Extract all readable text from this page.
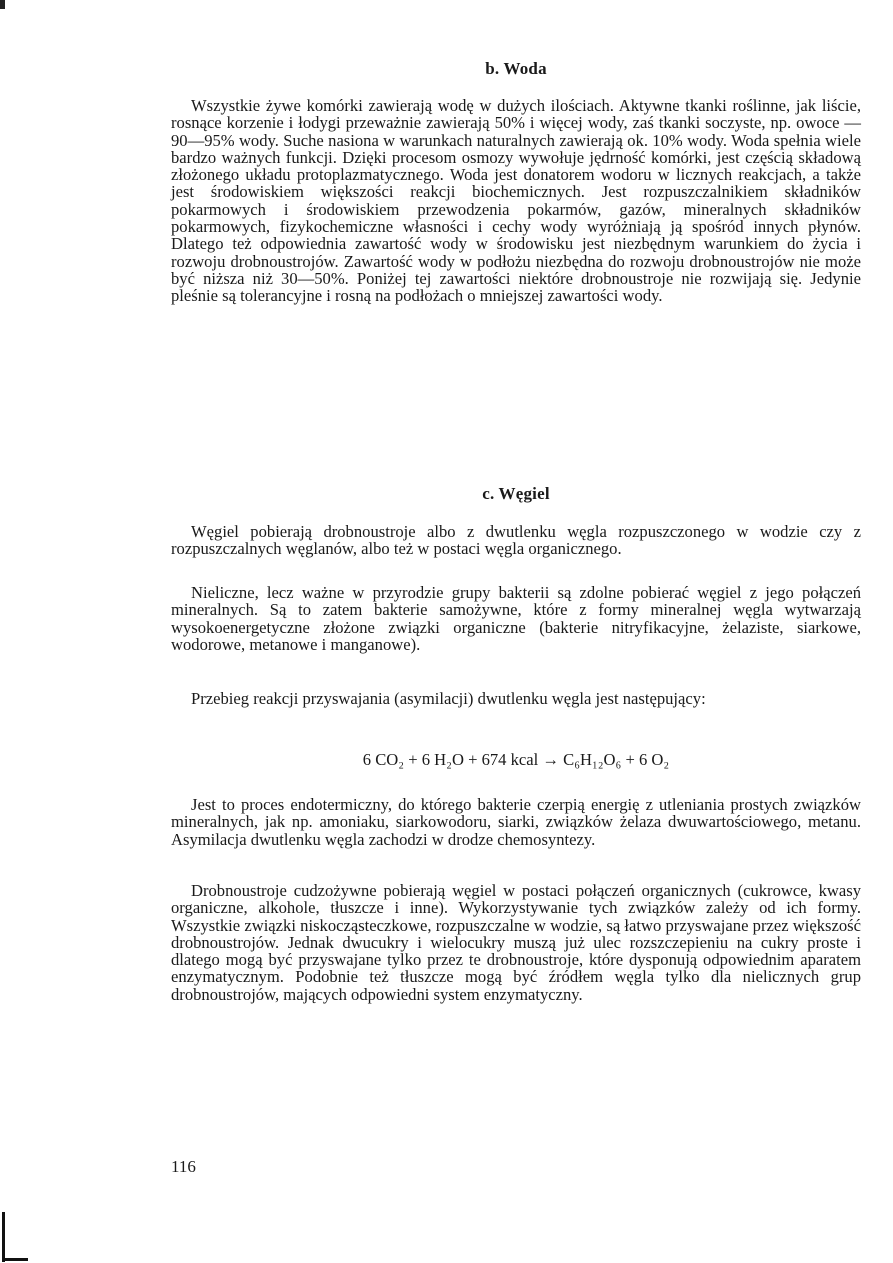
b. Woda

Wszystkie żywe komórki zawierają wodę w dużych ilościach. Aktywne tkanki roślinne, jak liście, rosnące korzenie i łodygi przeważnie zawierają 50% i więcej wody, zaś tkanki soczyste, np. owoce — 90—95% wody. Suche nasiona w warunkach naturalnych zawierają ok. 10% wody. Woda spełnia wiele bardzo ważnych funkcji. Dzięki procesom osmozy wywołuje jędrność komórki, jest częścią składową złożonego układu protoplazmatycznego. Woda jest donatorem wodoru w licznych reakcjach, a także jest środowiskiem większości reakcji biochemicznych. Jest rozpuszczalnikiem składników pokarmowych i środowiskiem przewodzenia pokarmów, gazów, mineralnych składników pokarmowych, fizykochemiczne własności i cechy wody wyróżniają ją spośród innych płynów. Dlatego też odpowiednia zawartość wody w środowisku jest niezbędnym warunkiem do życia i rozwoju drobnoustrojów. Zawartość wody w podłożu niezbędna do rozwoju drobnoustrojów nie może być niższa niż 30—50%. Poniżej tej zawartości niektóre drobnoustroje nie rozwijają się. Jedynie pleśnie są tolerancyjne i rosną na podłożach o mniejszej zawartości wody.

c. Węgiel

Węgiel pobierają drobnoustroje albo z dwutlenku węgla rozpuszczonego w wodzie czy z rozpuszczalnych węglanów, albo też w postaci węgla organicznego.

Nieliczne, lecz ważne w przyrodzie grupy bakterii są zdolne pobierać węgiel z jego połączeń mineralnych. Są to zatem bakterie samożywne, które z formy mineralnej węgla wytwarzają wysokoenergetyczne złożone związki organiczne (bakterie nitryfikacyjne, żelaziste, siarkowe, wodorowe, metanowe i manganowe).

Przebieg reakcji przyswajania (asymilacji) dwutlenku węgla jest następujący:

6 CO₂ + 6 H₂O + 674 kcal → C₆H₁₂O₆ + 6 O₂

Jest to proces endotermiczny, do którego bakterie czerpią energię z utleniania prostych związków mineralnych, jak np. amoniaku, siarkowodoru, siarki, związków żelaza dwuwartościowego, metanu. Asymilacja dwutlenku węgla zachodzi w drodze chemosyntezy.

Drobnoustroje cudzożywne pobierają węgiel w postaci połączeń organicznych (cukrowce, kwasy organiczne, alkohole, tłuszcze i inne). Wykorzystywanie tych związków zależy od ich formy. Wszystkie związki niskocząsteczkowe, rozpuszczalne w wodzie, są łatwo przyswajane przez większość drobnoustrojów. Jednak dwucukry i wielocukry muszą już ulec rozszczepieniu na cukry proste i dlatego mogą być przyswajane tylko przez te drobnoustroje, które dysponują odpowiednim aparatem enzymatycznym. Podobnie też tłuszcze mogą być źródłem węgla tylko dla nielicznych grup drobnoustrojów, mających odpowiedni system enzymatyczny.

116
